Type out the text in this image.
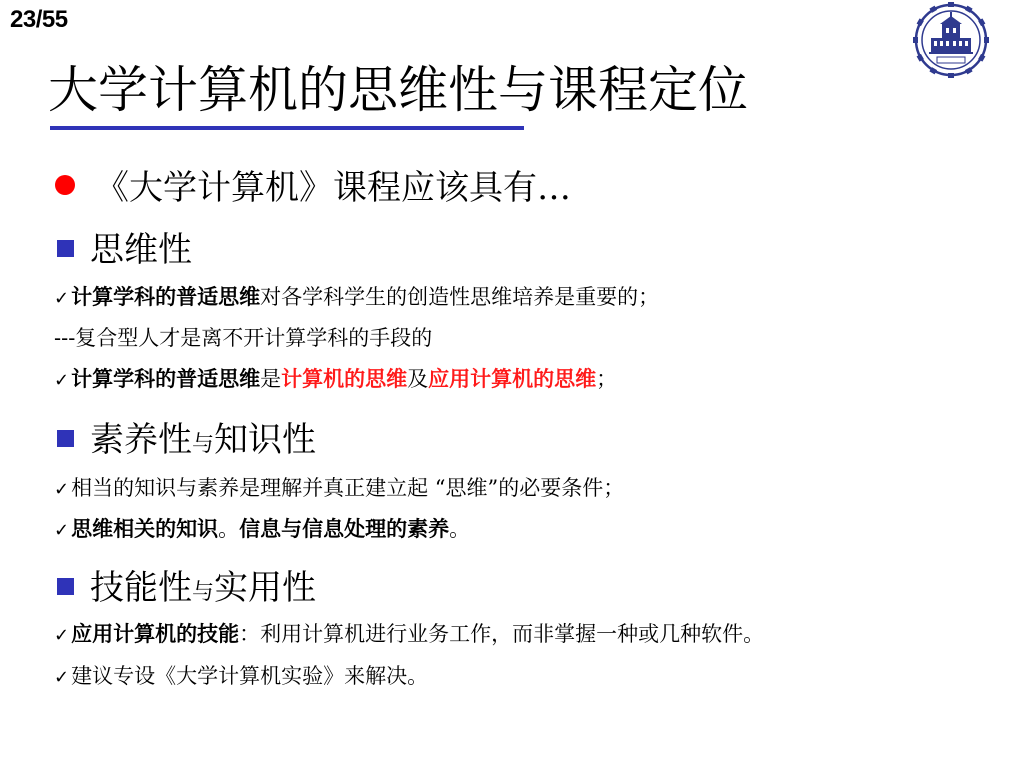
23/55
大学计算机的思维性与课程定位
《大学计算机》课程应该具有…
思维性
✓计算学科的普适思维对各学科学生的创造性思维培养是重要的；
---复合型人才是离不开计算学科的手段的
✓计算学科的普适思维是计算机的思维及应用计算机的思维；
素养性与知识性
✓相当的知识与素养是理解并真正建立起 “思维”的必要条件；
✓思维相关的知识。信息与信息处理的素养。
技能性与实用性
✓应用计算机的技能：利用计算机进行业务工作，而非掌握一种或几种软件。
✓建议专设《大学计算机实验》来解决。
